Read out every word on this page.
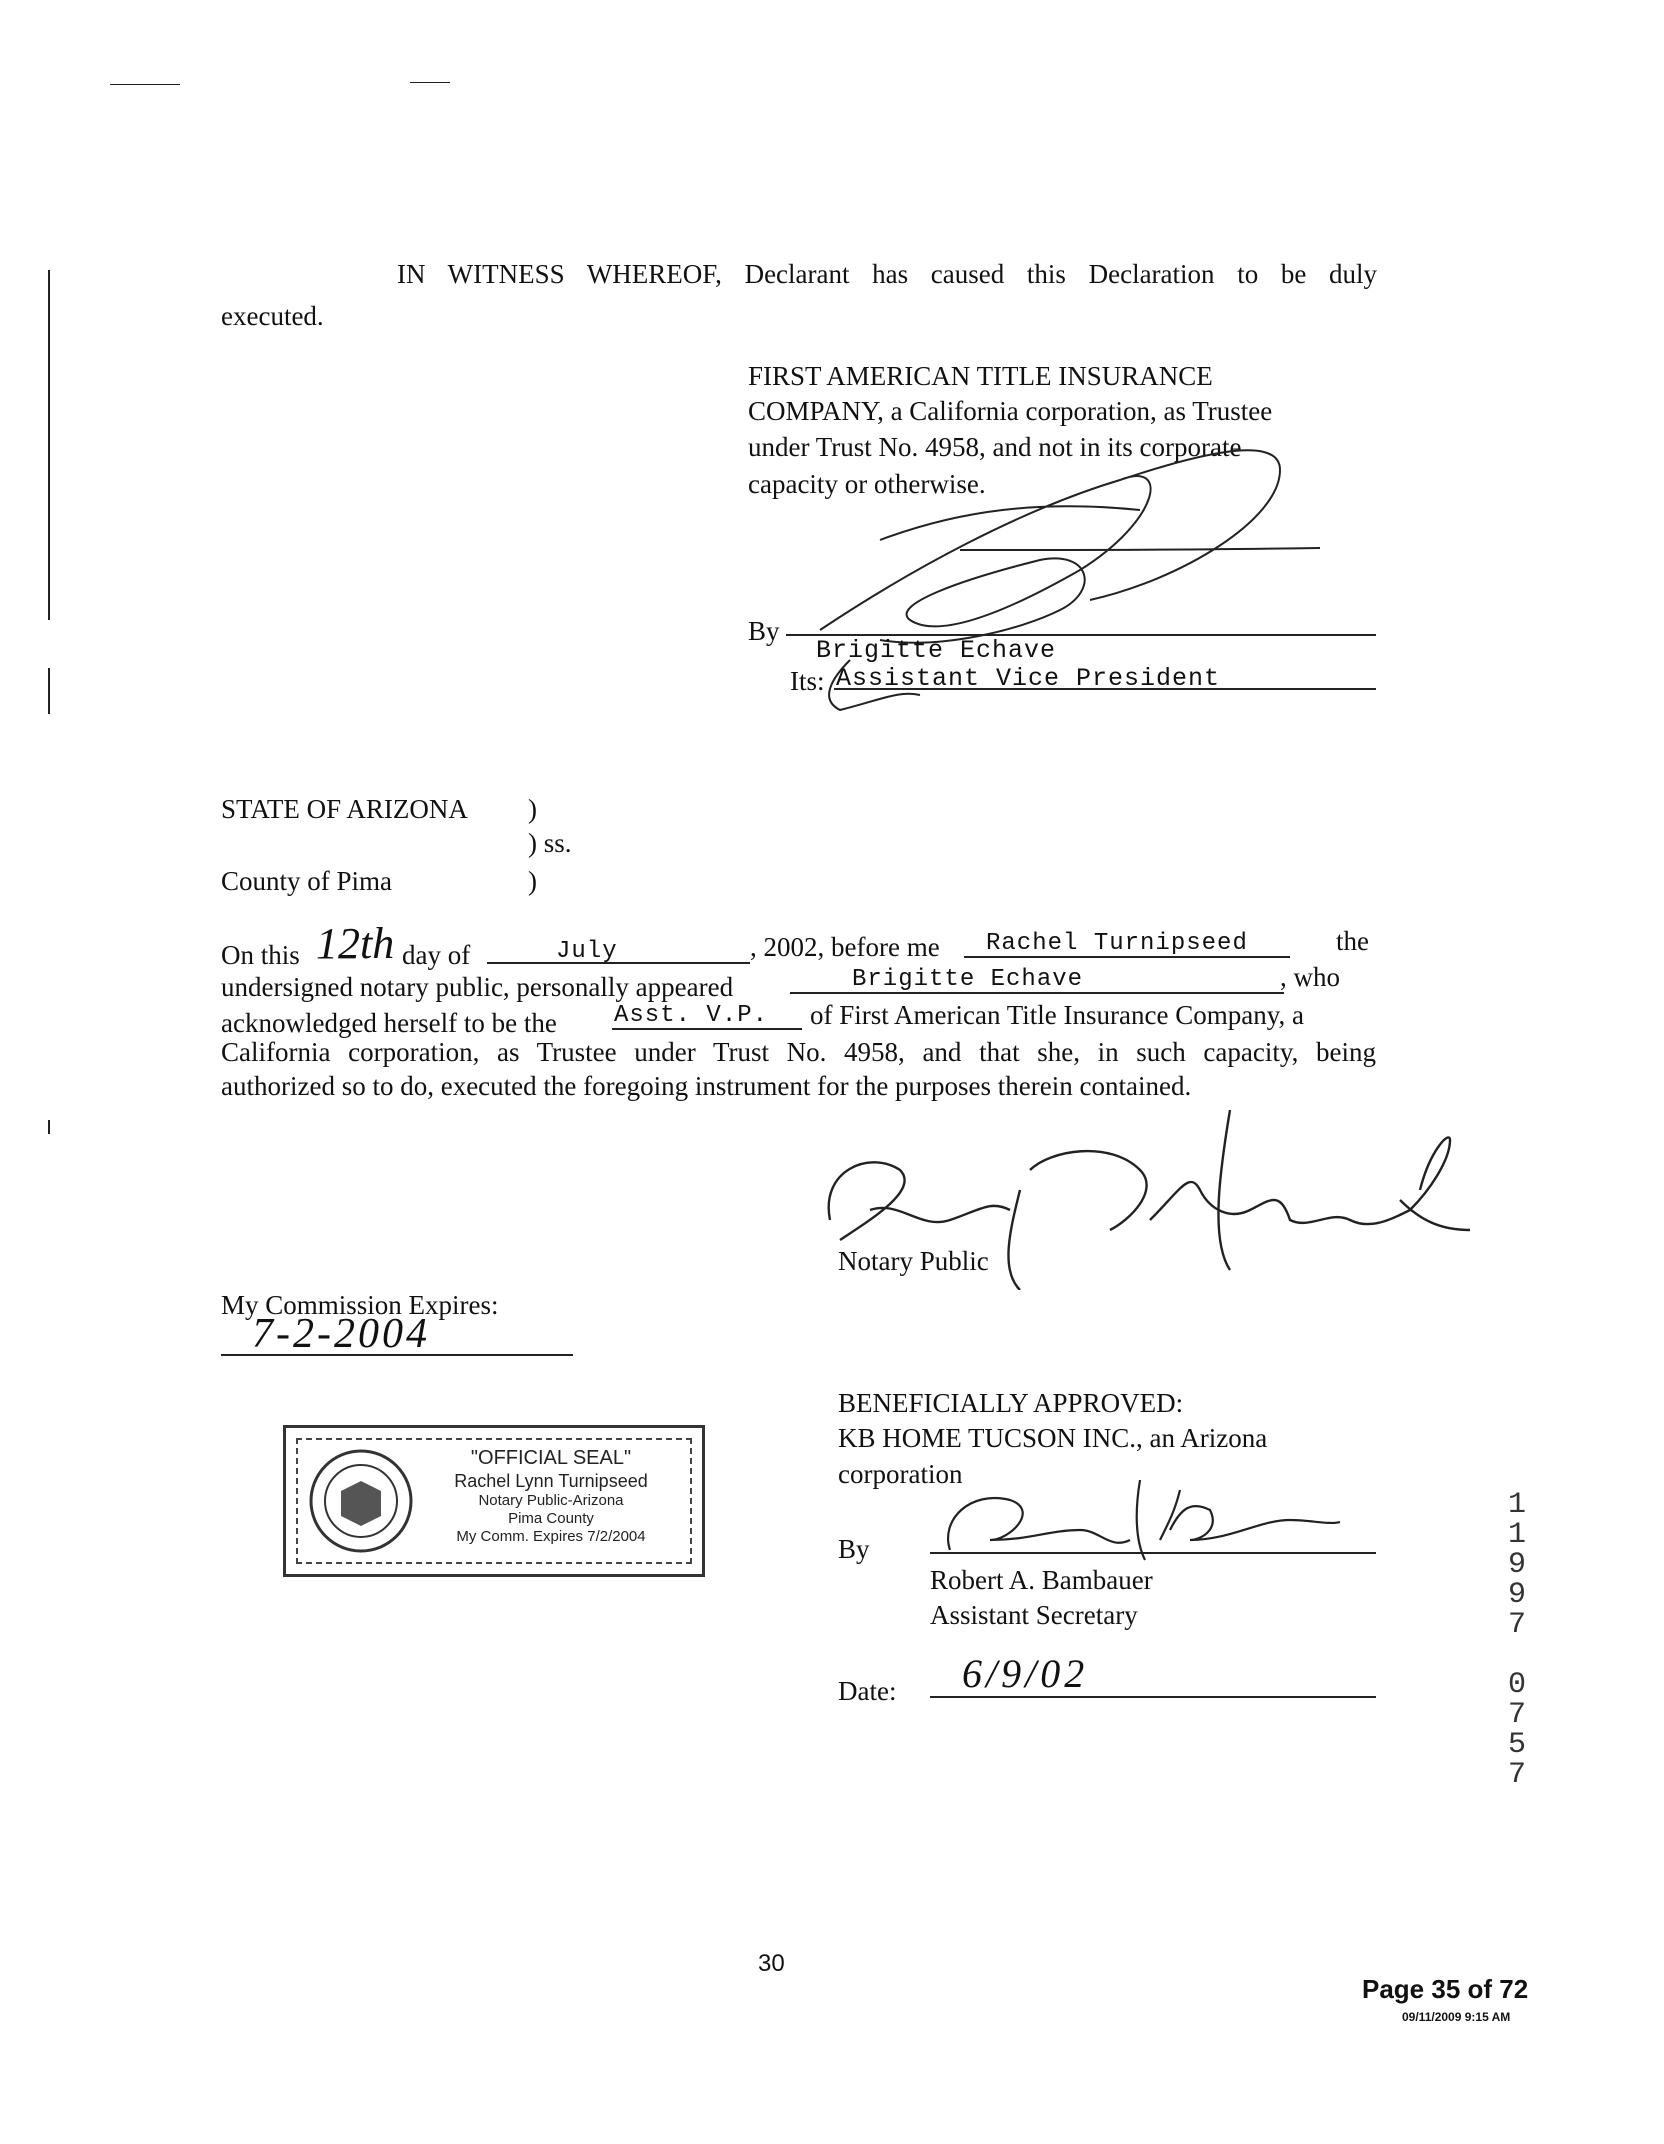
IN WITNESS WHEREOF, Declarant has caused this Declaration to be duly
executed.
FIRST AMERICAN TITLE INSURANCE
COMPANY, a California corporation, as Trustee
under Trust No. 4958, and not in its corporate
capacity or otherwise.
By
Brigitte Echave
Its: Assistant Vice President
STATE OF ARIZONA )
) ss.
County of Pima	)
On this 12th day of	July	, 2002, before me Rachel Turnipseed	the
undersigned notary public, personally appeared	Brigitte Echave	, who
acknowledged herself to be the Asst. V.P. of First American Title Insurance Company, a
California corporation, as Trustee under Trust No. 4958, and that she, in such capacity, being
authorized so to do, executed the foregoing instrument for the purposes therein contained.
Notary Public
My Commission Expires:
7-2-2004
"OFFICIAL SEAL"
Rachel Lynn Turnipseed
Notary Public-Arizona
Pima County
My Comm. Expires 7/2/2004
BENEFICIALLY APPROVED:
KB HOME TUCSON INC., an Arizona
corporation
By
Robert A. Bambauer
Assistant Secretary
Date: 6/9/02
1
1
9
9
7
0
7
5
7
30
Page 35 of 72
09/11/2009 9:15 AM
